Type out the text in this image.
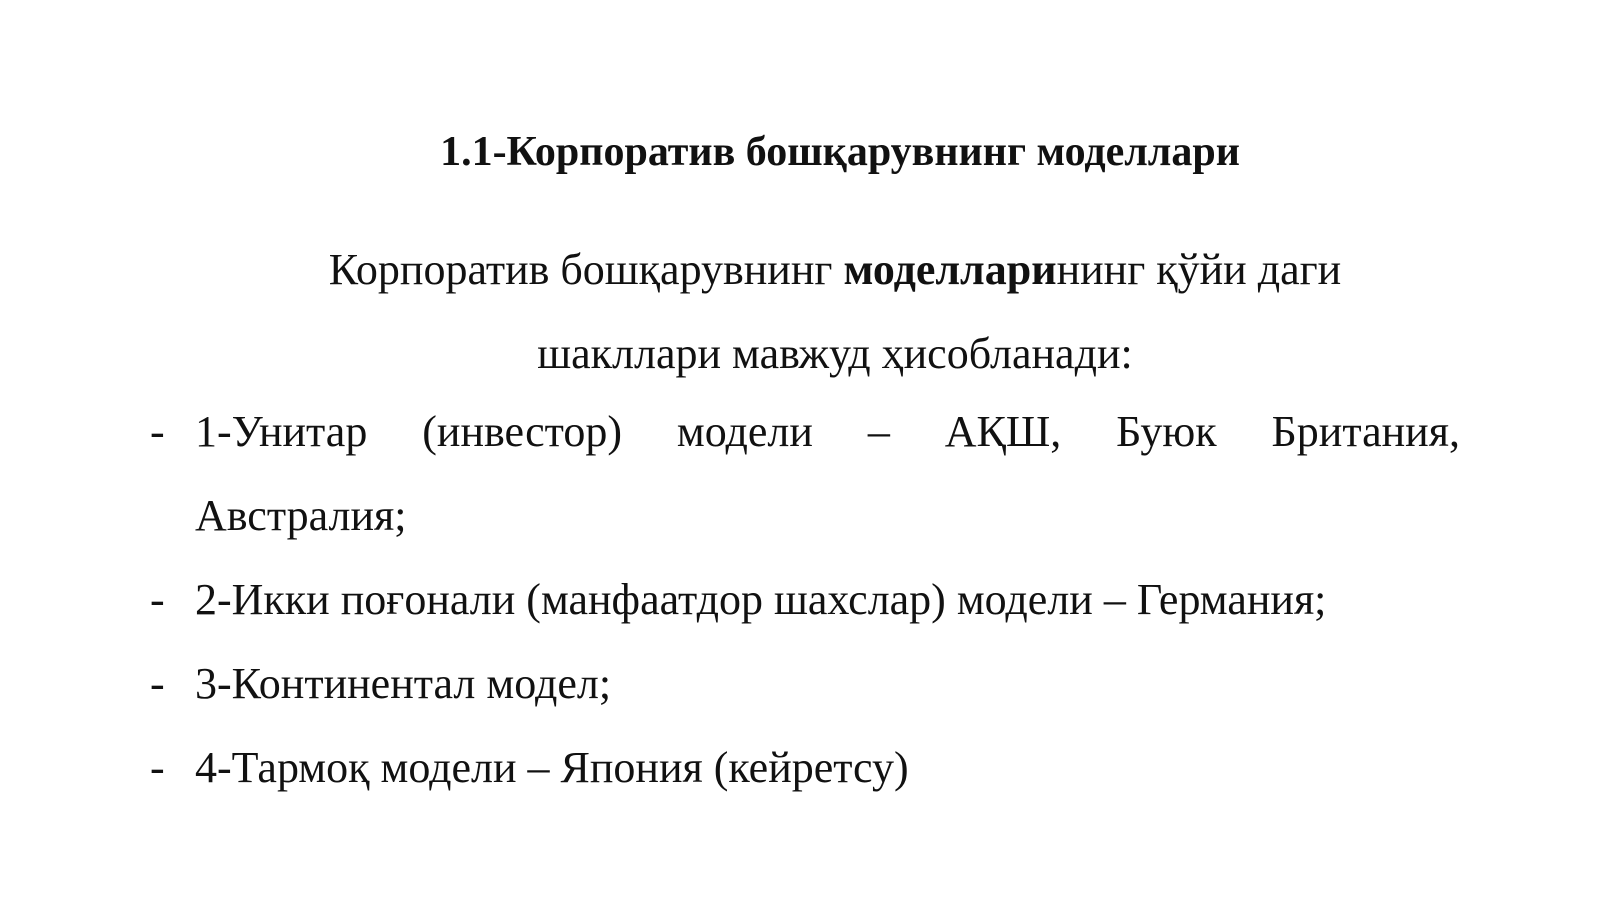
1.1-Корпоратив бошқарувнинг моделлари
Корпоратив бошқарувнинг моделларининг қўйи даги
шакллари мавжуд ҳисобланади:
- 1-Унитар (инвестор) модели – АҚШ, Буюк Британия,
Австралия;
- 2-Икки поғонали (манфаатдор шахслар) модели – Германия;
- 3-Континентал модел;
- 4-Тармоқ модели – Япония (кейретсу)
